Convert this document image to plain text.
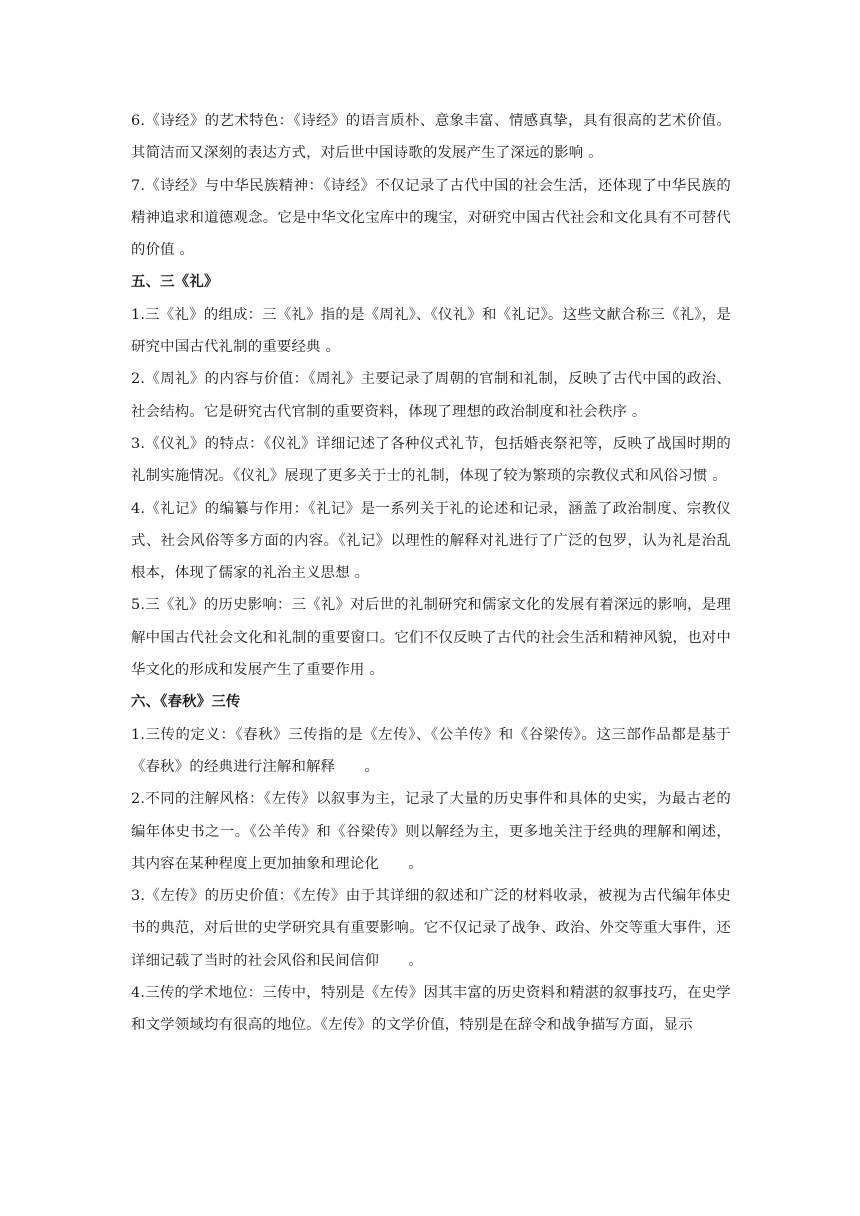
6.《诗经》的艺术特色：《诗经》的语言质朴、意象丰富、情感真挚，具有很高的艺术价值。其简洁而又深刻的表达方式，对后世中国诗歌的发展产生了深远的影响 。

7.《诗经》与中华民族精神：《诗经》不仅记录了古代中国的社会生活，还体现了中华民族的精神追求和道德观念。它是中华文化宝库中的瑰宝，对研究中国古代社会和文化具有不可替代的价值 。

五、三《礼》

1.三《礼》的组成：三《礼》指的是《周礼》、《仪礼》和《礼记》。这些文献合称三《礼》，是研究中国古代礼制的重要经典 。

2.《周礼》的内容与价值：《周礼》主要记录了周朝的官制和礼制，反映了古代中国的政治、社会结构。它是研究古代官制的重要资料，体现了理想的政治制度和社会秩序 。

3.《仪礼》的特点：《仪礼》详细记述了各种仪式礼节，包括婚丧祭祀等，反映了战国时期的礼制实施情况。《仪礼》展现了更多关于士的礼制，体现了较为繁琐的宗教仪式和风俗习惯 。

4.《礼记》的编纂与作用：《礼记》是一系列关于礼的论述和记录，涵盖了政治制度、宗教仪式、社会风俗等多方面的内容。《礼记》以理性的解释对礼进行了广泛的包罗，认为礼是治乱根本，体现了儒家的礼治主义思想 。

5.三《礼》的历史影响：三《礼》对后世的礼制研究和儒家文化的发展有着深远的影响，是理解中国古代社会文化和礼制的重要窗口。它们不仅反映了古代的社会生活和精神风貌，也对中华文化的形成和发展产生了重要作用 。

六、《春秋》三传

1.三传的定义：《春秋》三传指的是《左传》、《公羊传》和《谷梁传》。这三部作品都是基于《春秋》的经典进行注解和解释　　。

2.不同的注解风格：《左传》以叙事为主，记录了大量的历史事件和具体的史实，为最古老的编年体史书之一。《公羊传》和《谷梁传》则以解经为主，更多地关注于经典的理解和阐述，其内容在某种程度上更加抽象和理论化　　。

3.《左传》的历史价值：《左传》由于其详细的叙述和广泛的材料收录，被视为古代编年体史书的典范，对后世的史学研究具有重要影响。它不仅记录了战争、政治、外交等重大事件，还详细记载了当时的社会风俗和民间信仰　　。

4.三传的学术地位：三传中，特别是《左传》因其丰富的历史资料和精湛的叙事技巧，在史学和文学领域均有很高的地位。《左传》的文学价值，特别是在辞令和战争描写方面，显示
